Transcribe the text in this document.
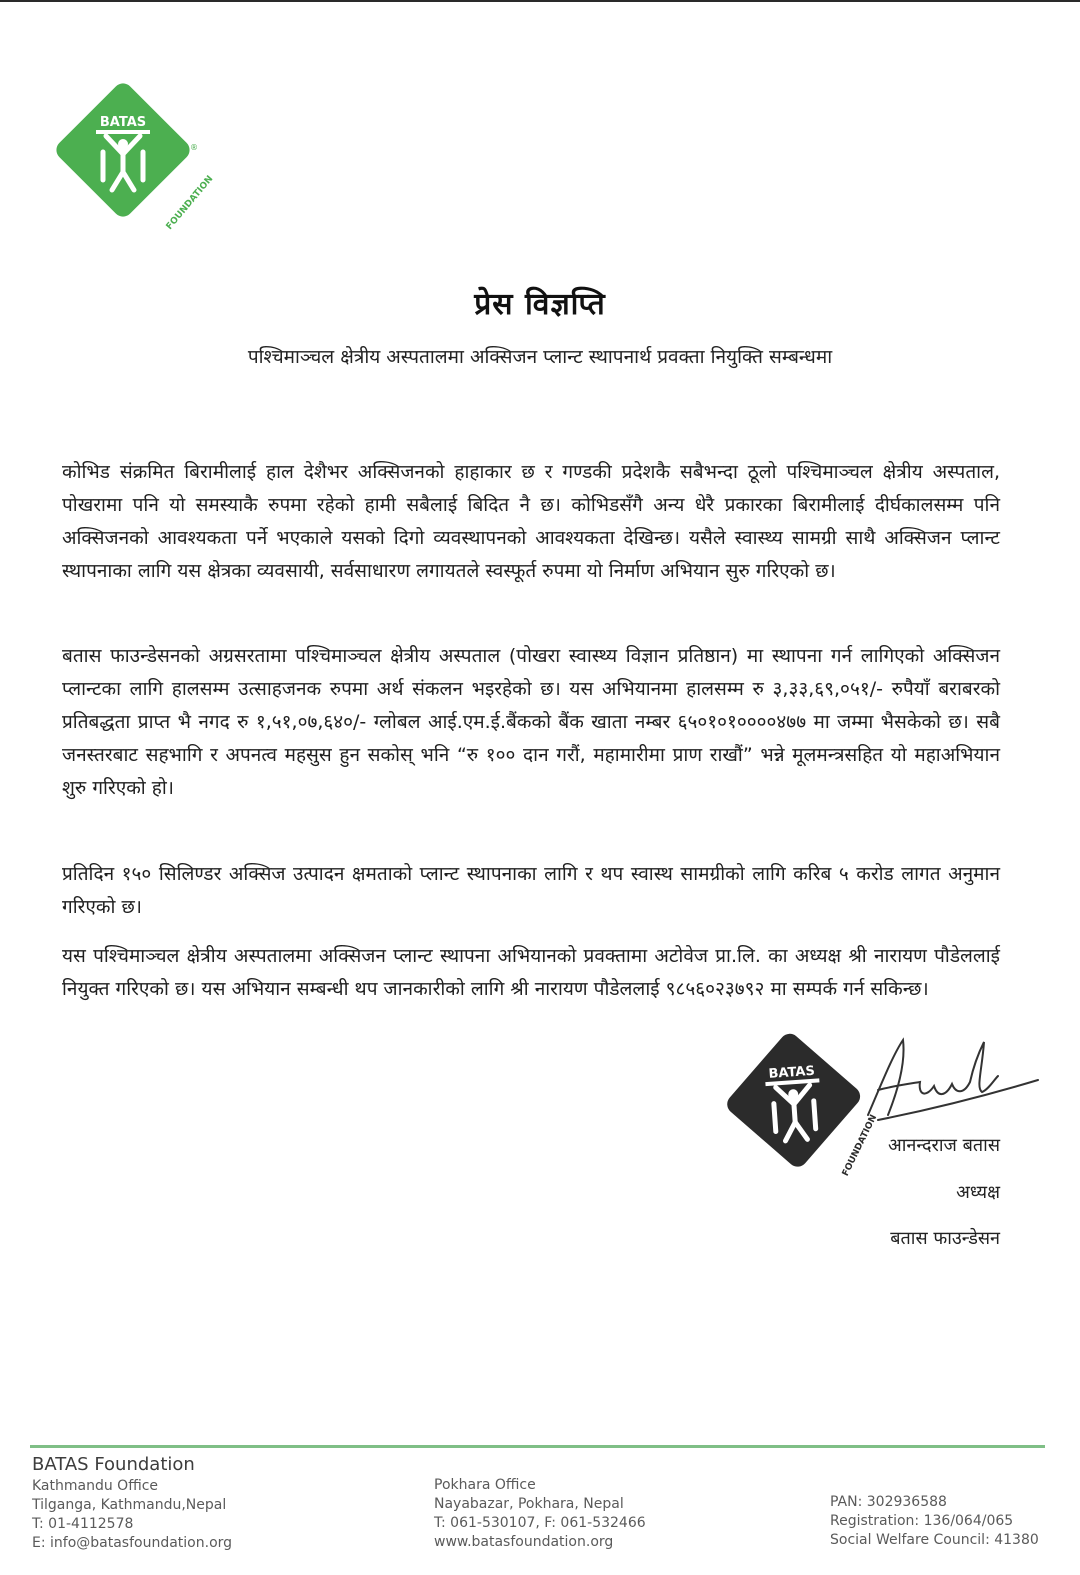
BATAS
FOUNDATION
®
प्रेस विज्ञप्ति
पश्चिमाञ्चल क्षेत्रीय अस्पतालमा अक्सिजन प्लान्ट स्थापनार्थ प्रवक्ता नियुक्ति सम्बन्धमा

कोभिड संक्रमित बिरामीलाई हाल देशैभर अक्सिजनको हाहाकार छ र गण्डकी प्रदेशकै सबैभन्दा ठूलो पश्चिमाञ्चल क्षेत्रीय अस्पताल, पोखरामा पनि यो समस्याकै रुपमा रहेको हामी सबैलाई बिदित नै छ। कोभिडसँगै अन्य धेरै प्रकारका बिरामीलाई दीर्घकालसम्म पनि अक्सिजनको आवश्यकता पर्ने भएकाले यसको दिगो व्यवस्थापनको आवश्यकता देखिन्छ। यसैले स्वास्थ्य सामग्री साथै अक्सिजन प्लान्ट स्थापनाका लागि यस क्षेत्रका व्यवसायी, सर्वसाधारण लगायतले स्वस्फूर्त रुपमा यो निर्माण अभियान सुरु गरिएको छ।

बतास फाउन्डेसनको अग्रसरतामा पश्चिमाञ्चल क्षेत्रीय अस्पताल (पोखरा स्वास्थ्य विज्ञान प्रतिष्ठान) मा स्थापना गर्न लागिएको अक्सिजन प्लान्टका लागि हालसम्म उत्साहजनक रुपमा अर्थ संकलन भइरहेको छ। यस अभियानमा हालसम्म रु ३,३३,६९,०५१/- रुपैयाँ बराबरको प्रतिबद्धता प्राप्त भै नगद रु १,५१,०७,६४०/- ग्लोबल आई.एम.ई.बैंकको बैंक खाता नम्बर ६५०१०१००००४७७ मा जम्मा भैसकेको छ। सबै जनस्तरबाट सहभागि र अपनत्व महसुस हुन सकोस् भनि “रु १०० दान गरौं, महामारीमा प्राण राखौं” भन्ने मूलमन्त्रसहित यो महाअभियान शुरु गरिएको हो।

प्रतिदिन १५० सिलिण्डर अक्सिज उत्पादन क्षमताको प्लान्ट स्थापनाका लागि र थप स्वास्थ सामग्रीको लागि करिब ५ करोड लागत अनुमान गरिएको छ।

यस पश्चिमाञ्चल क्षेत्रीय अस्पतालमा अक्सिजन प्लान्ट स्थापना अभियानको प्रवक्तामा अटोवेज प्रा.लि. का अध्यक्ष श्री नारायण पौडेललाई नियुक्त गरिएको छ। यस अभियान सम्बन्धी थप जानकारीको लागि श्री नारायण पौडेललाई ९८५६०२३७९२ मा सम्पर्क गर्न सकिन्छ।

BATAS
FOUNDATION आनन्दराज बतास
अध्यक्ष
बतास फाउन्डेसन
BATAS Foundation
Kathmandu Office
Tilganga, Kathmandu,Nepal
T: 01-4112578
E: info@batasfoundation.org
Pokhara Office
Nayabazar, Pokhara, Nepal
T: 061-530107, F: 061-532466
www.batasfoundation.org
PAN: 302936588
Registration: 136/064/065
Social Welfare Council: 41380
